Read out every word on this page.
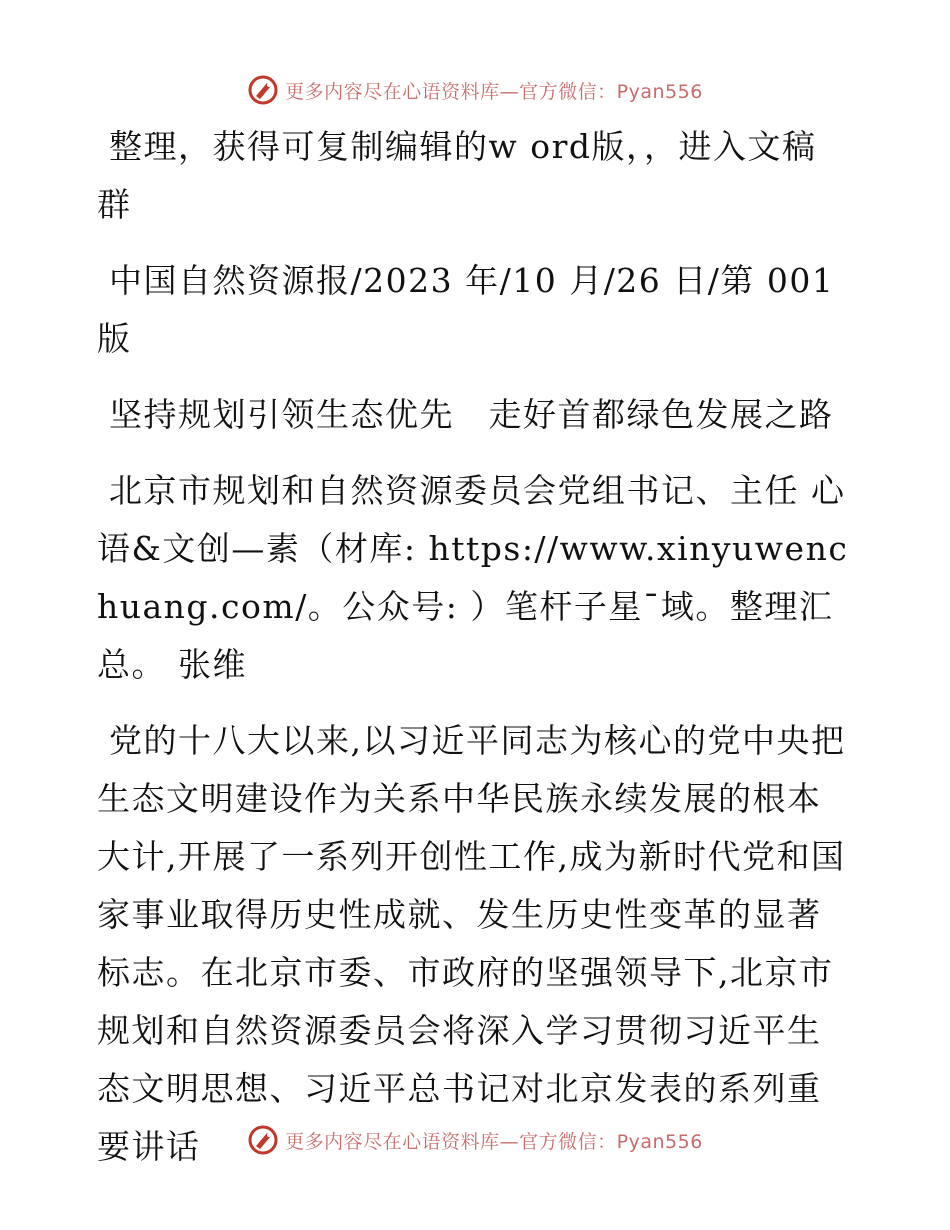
更多内容尽在心语资料库—官方微信：Pyan556

整理，获得可复制编辑的w ord版，，进入文稿群

中国自然资源报/2023 年/10 月/26 日/第 001 版

坚持规划引领生态优先　走好首都绿色发展之路

北京市规划和自然资源委员会党组书记、主任 心语&文创—素（材库: https://www.xinyuwenchuang.com/。公众号: ）笔杆子星¯域。整理汇总。 张维

党的十八大以来,以习近平同志为核心的党中央把生态文明建设作为关系中华民族永续发展的根本大计,开展了一系列开创性工作,成为新时代党和国家事业取得历史性成就、发生历史性变革的显著标志。在北京市委、市政府的坚强领导下,北京市规划和自然资源委员会将深入学习贯彻习近平生态文明思想、习近平总书记对北京发表的系列重要讲话	更多内容尽在心语资料库—官方微信：Pyan556
